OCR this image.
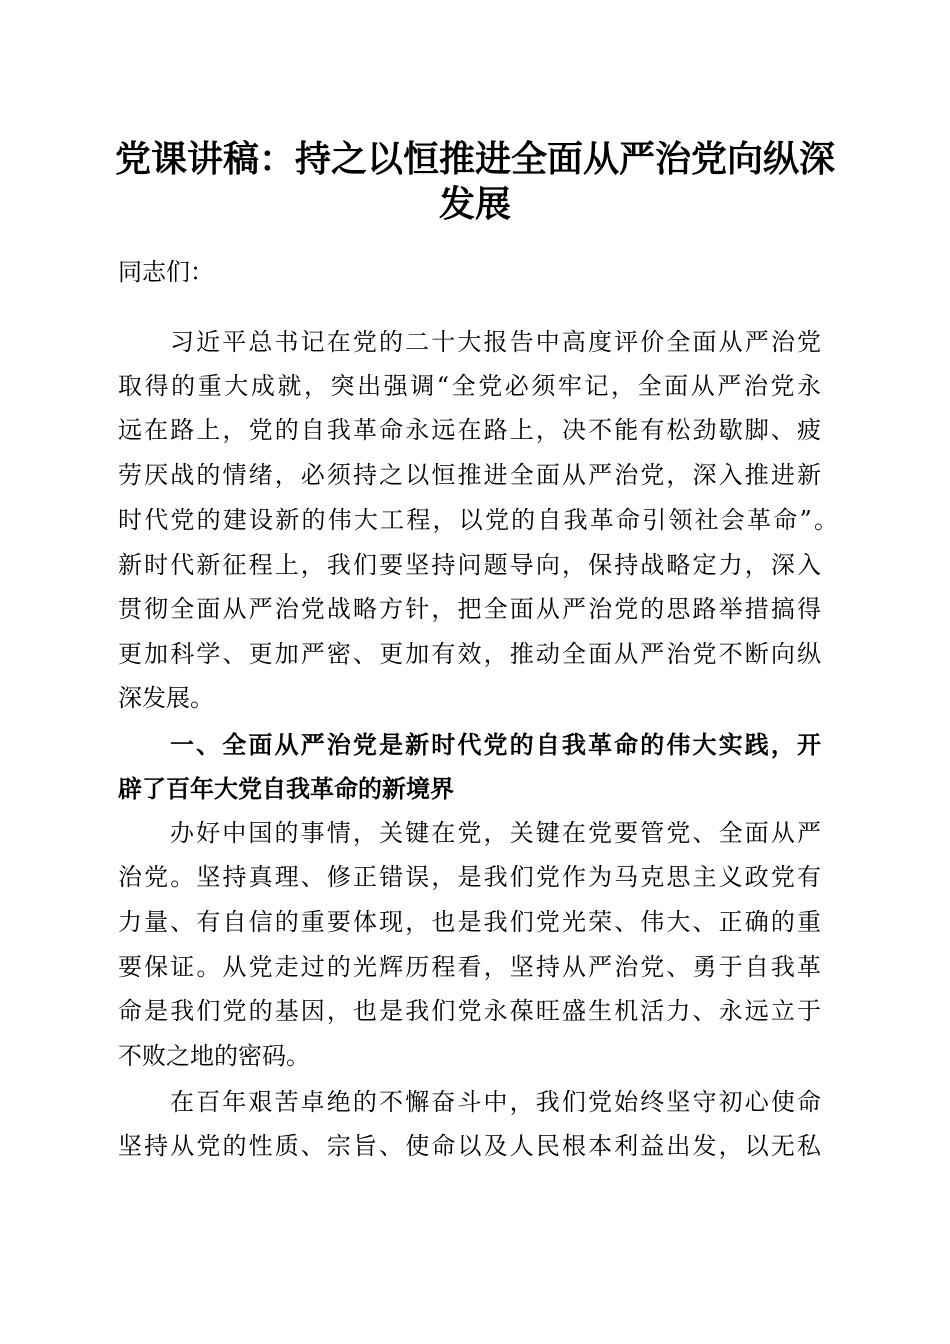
党课讲稿：持之以恒推进全面从严治党向纵深
发展
同志们：
习近平总书记在党的二十大报告中高度评价全面从严治党
取得的重大成就，突出强调“全党必须牢记，全面从严治党永
远在路上，党的自我革命永远在路上，决不能有松劲歇脚、疲
劳厌战的情绪，必须持之以恒推进全面从严治党，深入推进新
时代党的建设新的伟大工程，以党的自我革命引领社会革命”。
新时代新征程上，我们要坚持问题导向，保持战略定力，深入
贯彻全面从严治党战略方针，把全面从严治党的思路举措搞得
更加科学、更加严密、更加有效，推动全面从严治党不断向纵
深发展。
一、全面从严治党是新时代党的自我革命的伟大实践，开
辟了百年大党自我革命的新境界
办好中国的事情，关键在党，关键在党要管党、全面从严
治党。坚持真理、修正错误，是我们党作为马克思主义政党有
力量、有自信的重要体现，也是我们党光荣、伟大、正确的重
要保证。从党走过的光辉历程看，坚持从严治党、勇于自我革
命是我们党的基因，也是我们党永葆旺盛生机活力、永远立于
不败之地的密码。
在百年艰苦卓绝的不懈奋斗中，我们党始终坚守初心使命
坚持从党的性质、宗旨、使命以及人民根本利益出发，以无私
